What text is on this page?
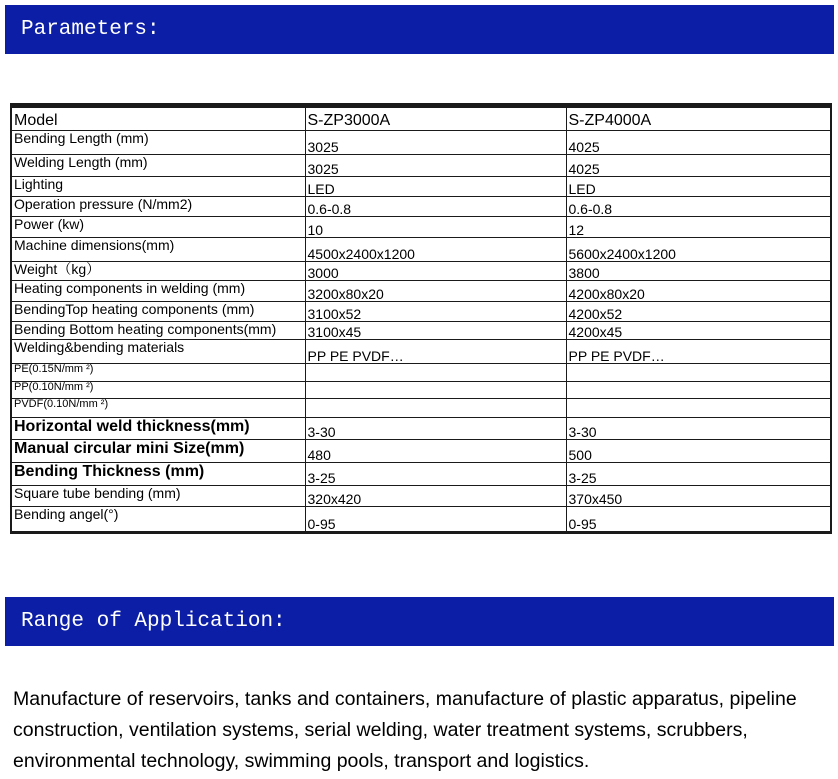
Parameters:
Model	S-ZP3000A	S-ZP4000A
Bending Length (mm)	3025	4025
Welding Length (mm)	3025	4025
Lighting	LED	LED
Operation pressure (N/mm2)	0.6-0.8	0.6-0.8
Power (kw)	10	12
Machine dimensions(mm)	4500x2400x1200	5600x2400x1200
Weight（kg）	3000	3800
Heating components in welding (mm)	3200x80x20	4200x80x20
BendingTop heating components (mm)	3100x52	4200x52
Bending Bottom heating components(mm)	3100x45	4200x45
Welding&bending materials	PP PE PVDF…	PP PE PVDF…
PE(0.15N/mm ²)		
PP(0.10N/mm ²)		
PVDF(0.10N/mm ²)		
Horizontal weld thickness(mm)	3-30	3-30
Manual circular mini Size(mm)	480	500
Bending Thickness (mm)	3-25	3-25
Square tube bending (mm)	320x420	370x450
Bending angel(°)	0-95	0-95
Range of Application:

Manufacture of reservoirs, tanks and containers, manufacture of plastic apparatus, pipeline construction, ventilation systems, serial welding, water treatment systems, scrubbers, environmental technology, swimming pools, transport and logistics.
